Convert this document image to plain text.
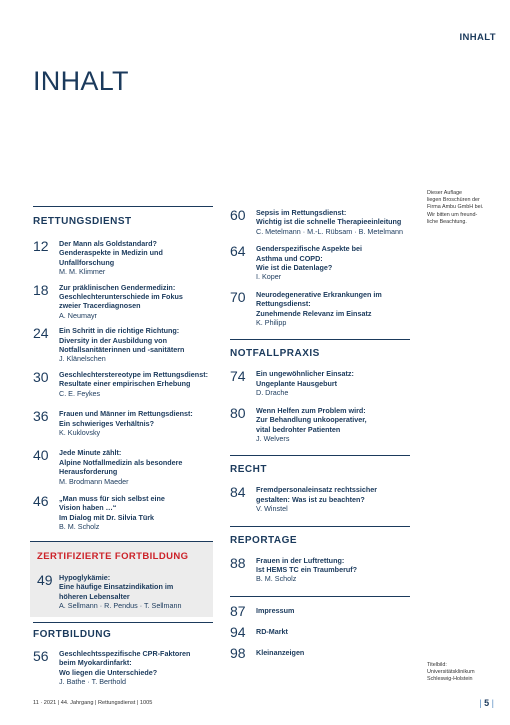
INHALT
INHALT
RETTUNGSDIENST
12	Der Mann als Goldstandard?
Genderaspekte in Medizin und
Unfallforschung
M. M. Klimmer
18	Zur präklinischen Gendermedizin:
Geschlechterunterschiede im Fokus
zweier Tracerdiagnosen
A. Neumayr
24	Ein Schritt in die richtige Richtung:
Diversity in der Ausbildung von
Notfallsanitäterinnen und -sanitätern
J. Klänelschen
30	Geschlechterstereotype im Rettungsdienst:
Resultate einer empirischen Erhebung
C. E. Feykes
36	Frauen und Männer im Rettungsdienst:
Ein schwieriges Verhältnis?
K. Kuklovsky
40	Jede Minute zählt:
Alpine Notfallmedizin als besondere
Herausforderung
M. Brodmann Maeder
46	„Man muss für sich selbst eine
Vision haben …“
Im Dialog mit Dr. Silvia Türk
B. M. Scholz
ZERTIFIZIERTE FORTBILDUNG
49 Hypoglykämie:
Eine häufige Einsatzindikation im
höheren Lebensalter
A. Sellmann · R. Pendus · T. Sellmann
FORTBILDUNG
56	Geschlechtsspezifische CPR-Faktoren
beim Myokardinfarkt:
Wo liegen die Unterschiede?
J. Bathe · T. Berthold
60	Sepsis im Rettungsdienst:
Wichtig ist die schnelle Therapieeinleitung
C. Metelmann · M.-L. Rübsam · B. Metelmann
64	Genderspezifische Aspekte bei
Asthma und COPD:
Wie ist die Datenlage?
I. Koper
70	Neurodegenerative Erkrankungen im
Rettungsdienst:
Zunehmende Relevanz im Einsatz
K. Philipp
NOTFALLPRAXIS
74	Ein ungewöhnlicher Einsatz:
Ungeplante Hausgeburt
D. Drache
80	Wenn Helfen zum Problem wird:
Zur Behandlung unkooperativer,
vital bedrohter Patienten
J. Welvers
RECHT
84	Fremdpersonaleinsatz rechtssicher
gestalten: Was ist zu beachten?
V. Winstel
REPORTAGE
88	Frauen in der Luftrettung:
Ist HEMS TC ein Traumberuf?
B. M. Scholz
87	Impressum
94	RD-Markt
98	Kleinanzeigen
Dieser Auflage
liegen Broschüren der
Firma Ambu GmbH bei.
Wir bitten um freund-
liche Beachtung.
Titelbild:
Universitätsklinikum
Schleswig-Holstein
11 · 2021 | 44. Jahrgang | Rettungsdienst | 1005	| 5 |
